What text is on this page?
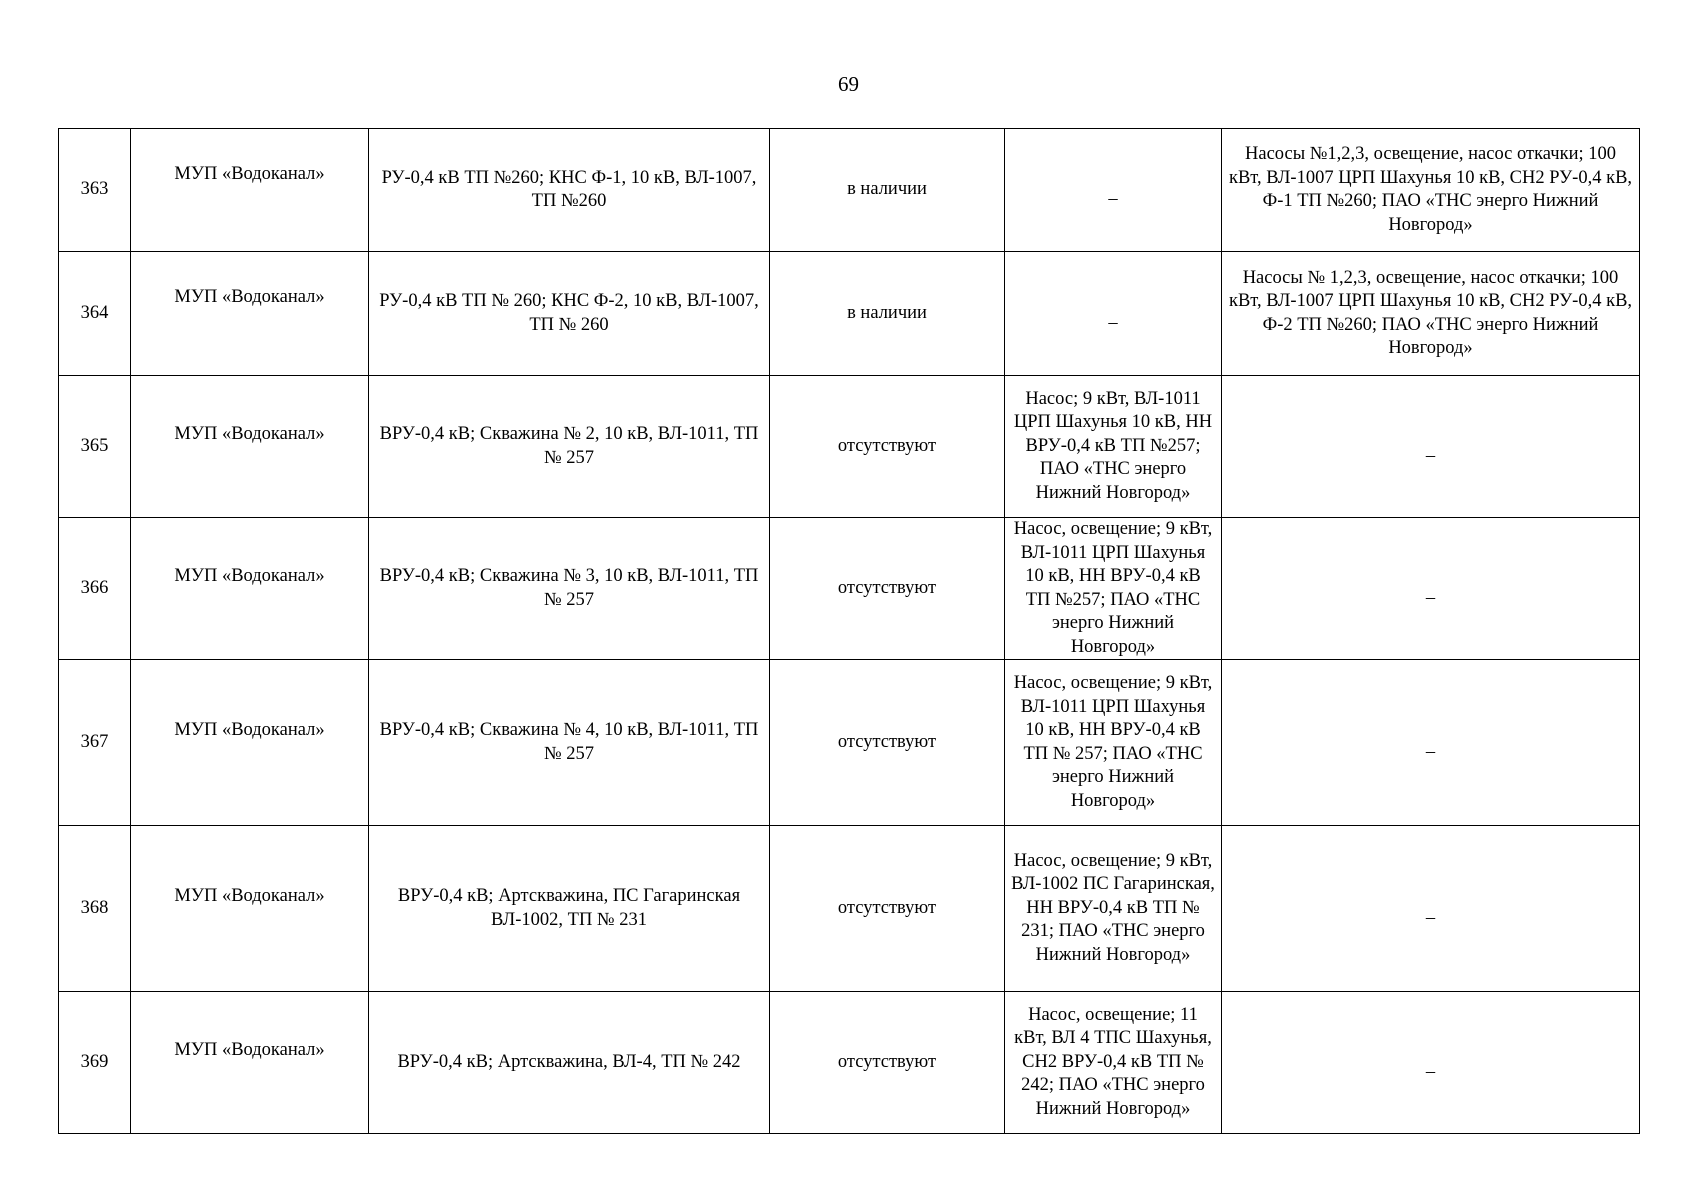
69
363	МУП «Водоканал»	РУ-0,4 кВ ТП №260; КНС Ф-1, 10 кВ, ВЛ-1007, ТП №260	в наличии	–	Насосы №1,2,3, освещение, насос откачки; 100 кВт, ВЛ-1007 ЦРП Шахунья 10 кВ, СН2 РУ-0,4 кВ, Ф-1 ТП №260; ПАО «ТНС энерго Нижний Новгород»
364	МУП «Водоканал»	РУ-0,4 кВ ТП № 260; КНС Ф-2, 10 кВ, ВЛ-1007, ТП № 260	в наличии	–	Насосы № 1,2,3, освещение, насос откачки; 100 кВт, ВЛ-1007 ЦРП Шахунья 10 кВ, СН2 РУ-0,4 кВ, Ф-2 ТП №260; ПАО «ТНС энерго Нижний Новгород»
365	МУП «Водоканал»	ВРУ-0,4 кВ; Скважина № 2, 10 кВ, ВЛ-1011, ТП № 257	отсутствуют	Насос; 9 кВт, ВЛ-1011 ЦРП Шахунья 10 кВ, НН ВРУ-0,4 кВ ТП №257; ПАО «ТНС энерго Нижний Новгород»	–
366	МУП «Водоканал»	ВРУ-0,4 кВ; Скважина № 3, 10 кВ, ВЛ-1011, ТП № 257	отсутствуют	Насос, освещение; 9 кВт, ВЛ-1011 ЦРП Шахунья 10 кВ, НН ВРУ-0,4 кВ ТП №257; ПАО «ТНС энерго Нижний Новгород»	–
367	МУП «Водоканал»	ВРУ-0,4 кВ; Скважина № 4, 10 кВ, ВЛ-1011, ТП № 257	отсутствуют	Насос, освещение; 9 кВт, ВЛ-1011 ЦРП Шахунья 10 кВ, НН ВРУ-0,4 кВ ТП № 257; ПАО «ТНС энерго Нижний Новгород»	–
368	МУП «Водоканал»	ВРУ-0,4 кВ; Артскважина, ПС Гагаринская ВЛ-1002, ТП № 231	отсутствуют	Насос, освещение; 9 кВт, ВЛ-1002 ПС Гагаринская, НН ВРУ-0,4 кВ ТП № 231; ПАО «ТНС энерго Нижний Новгород»	–
369	МУП «Водоканал»	ВРУ-0,4 кВ; Артскважина, ВЛ-4, ТП № 242	отсутствуют	Насос, освещение; 11 кВт, ВЛ 4 ТПС Шахунья, СН2 ВРУ-0,4 кВ ТП № 242; ПАО «ТНС энерго Нижний Новгород»	–
